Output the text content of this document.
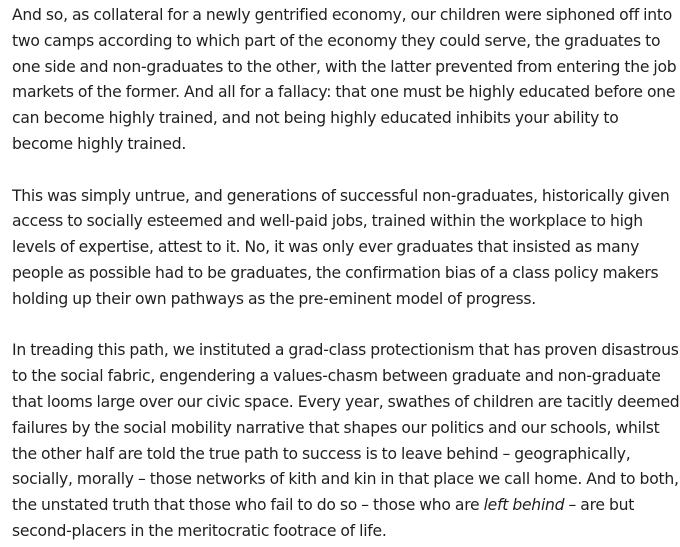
And so, as collateral for a newly gentrified economy, our children were siphoned off into
two camps according to which part of the economy they could serve, the graduates to
one side and non-graduates to the other, with the latter prevented from entering the job
markets of the former. And all for a fallacy: that one must be highly educated before one
can become highly trained, and not being highly educated inhibits your ability to
become highly trained.

This was simply untrue, and generations of successful non-graduates, historically given
access to socially esteemed and well-paid jobs, trained within the workplace to high
levels of expertise, attest to it. No, it was only ever graduates that insisted as many
people as possible had to be graduates, the confirmation bias of a class policy makers
holding up their own pathways as the pre-eminent model of progress.

In treading this path, we instituted a grad-class protectionism that has proven disastrous
to the social fabric, engendering a values-chasm between graduate and non-graduate
that looms large over our civic space. Every year, swathes of children are tacitly deemed
failures by the social mobility narrative that shapes our politics and our schools, whilst
the other half are told the true path to success is to leave behind – geographically,
socially, morally – those networks of kith and kin in that place we call home. And to both,
the unstated truth that those who fail to do so – those who are left behind – are but
second-placers in the meritocratic footrace of life.
